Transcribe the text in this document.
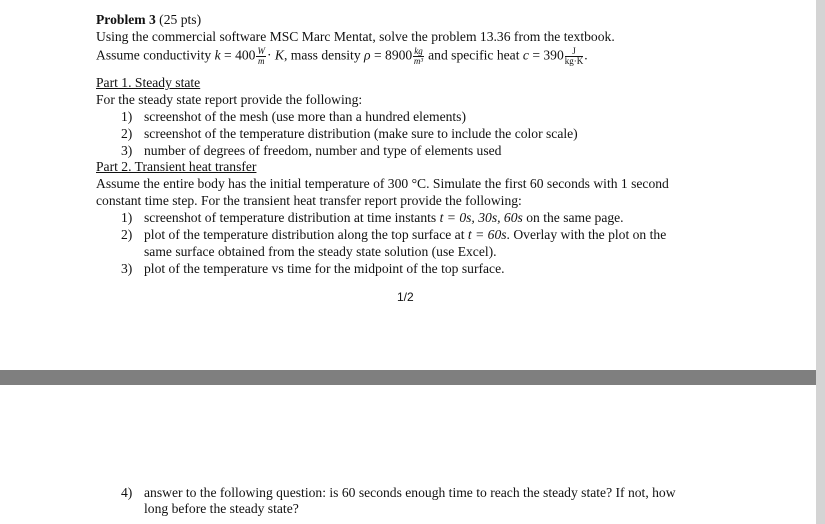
Problem 3 (25 pts)
Using the commercial software MSC Marc Mentat, solve the problem 13.36 from the textbook.
Assume conductivity $k = 400 \frac{W}{m} \cdot K$, mass density $\rho = 8900 \frac{kg}{\text{m³}}$ and specific heat $c = 390 \frac{J}{kg\cdot K}$ .
Part 1. Steady state
For the steady state report provide the following:
1) screenshot of the mesh (use more than a hundred elements)
2) screenshot of the temperature distribution (make sure to include the color scale)
3) number of degrees of freedom, number and type of elements used
Part 2. Transient heat transfer
Assume the entire body has the initial temperature of 300 °C. Simulate the first 60 seconds with 1 second
constant time step. For the transient heat transfer report provide the following:
1) screenshot of temperature distribution at time instants t = 0s, 30s, 60s on the same page.
2) plot of the temperature distribution along the top surface at t = 60s. Overlay with the plot on the
same surface obtained from the steady state solution (use Excel).
3) plot of the temperature vs time for the midpoint of the top surface.
1/2
4) answer to the following question: is 60 seconds enough time to reach the steady state? If not, how
long before the steady state?
